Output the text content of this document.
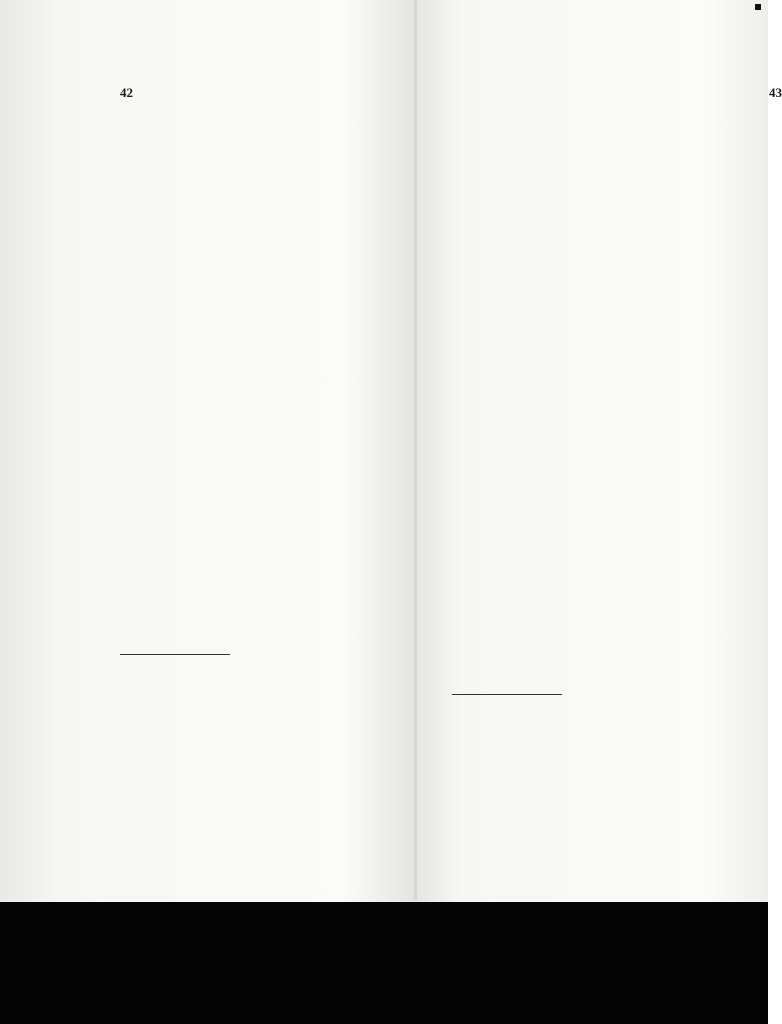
42	43
